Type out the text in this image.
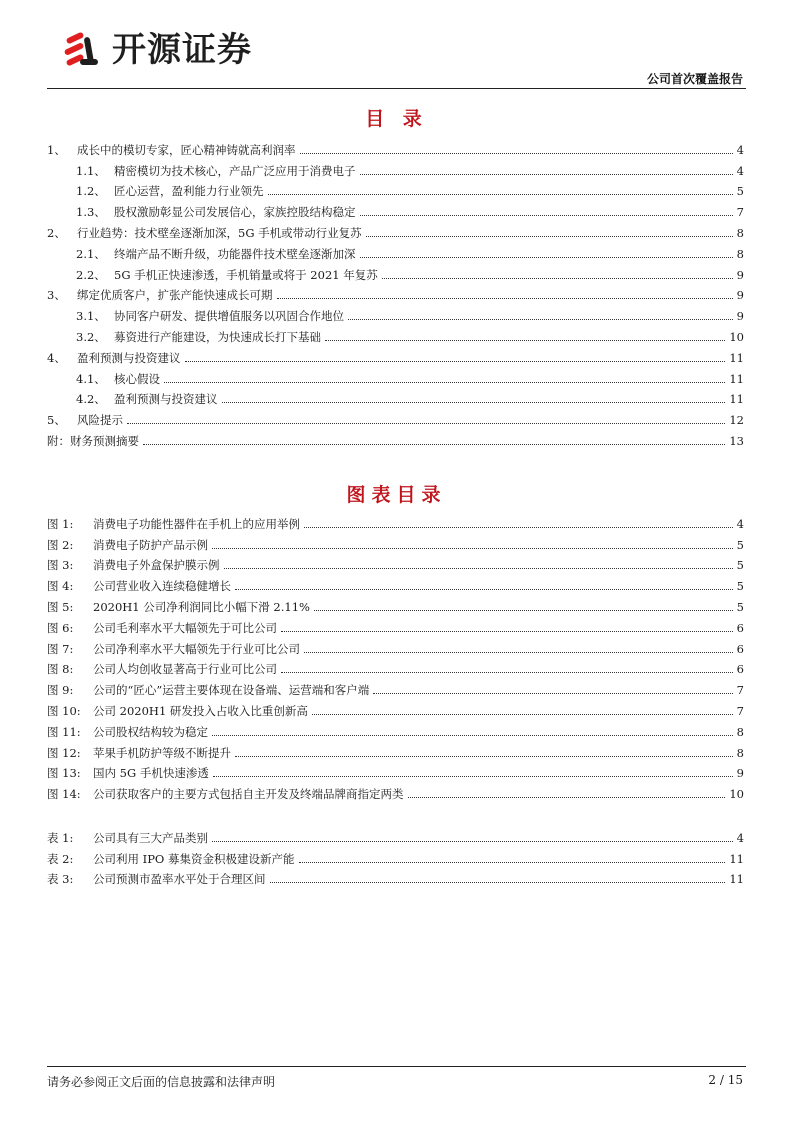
开源证券
公司首次覆盖报告
目 录
1、 成长中的模切专家，匠心精神铸就高利润率	4
1.1、 精密模切为技术核心，产品广泛应用于消费电子	4
1.2、 匠心运营，盈利能力行业领先	5
1.3、 股权激励彰显公司发展信心，家族控股结构稳定	7
2、 行业趋势：技术壁垒逐渐加深，5G 手机或带动行业复苏	8
2.1、 终端产品不断升级，功能器件技术壁垒逐渐加深	8
2.2、 5G 手机正快速渗透，手机销量或将于 2021 年复苏	9
3、 绑定优质客户，扩张产能快速成长可期	9
3.1、 协同客户研发、提供增值服务以巩固合作地位	9
3.2、 募资进行产能建设，为快速成长打下基础	10
4、 盈利预测与投资建议	11
4.1、 核心假设	11
4.2、 盈利预测与投资建议	11
5、 风险提示	12
附：财务预测摘要	13
图表目录
图 1:	消费电子功能性器件在手机上的应用举例	4
图 2:	消费电子防护产品示例	5
图 3:	消费电子外盒保护膜示例	5
图 4:	公司营业收入连续稳健增长	5
图 5:	2020H1 公司净利润同比小幅下滑 2.11%	5
图 6:	公司毛利率水平大幅领先于可比公司	6
图 7:	公司净利率水平大幅领先于行业可比公司	6
图 8:	公司人均创收显著高于行业可比公司	6
图 9:	公司的“匠心”运营主要体现在设备端、运营端和客户端	7
图 10:	公司 2020H1 研发投入占收入比重创新高	7
图 11:	公司股权结构较为稳定	8
图 12:	苹果手机防护等级不断提升	8
图 13:	国内 5G 手机快速渗透	9
图 14:	公司获取客户的主要方式包括自主开发及终端品牌商指定两类	10
表 1:	公司具有三大产品类别	4
表 2:	公司利用 IPO 募集资金积极建设新产能	11
表 3:	公司预测市盈率水平处于合理区间	11
请务必参阅正文后面的信息披露和法律声明	2 / 15
